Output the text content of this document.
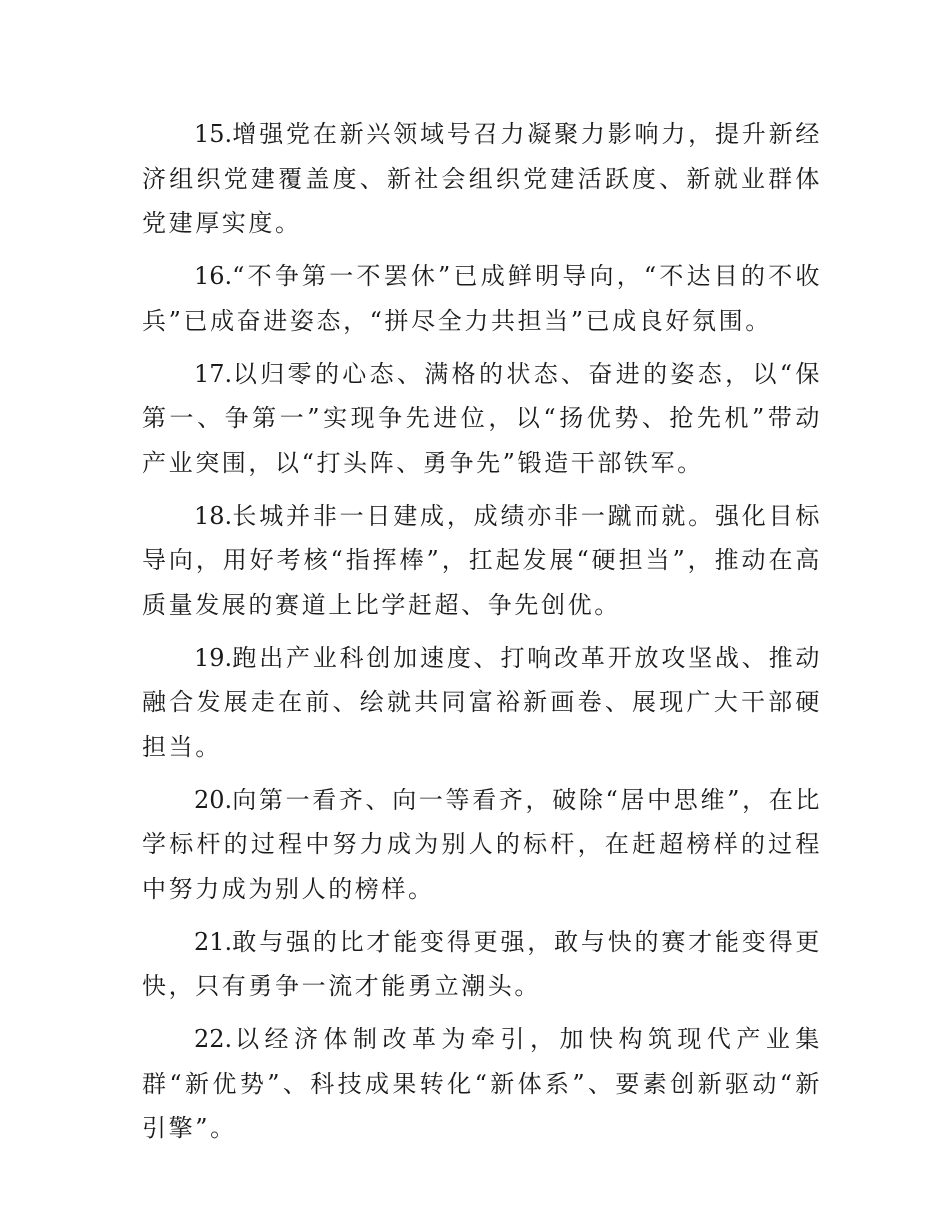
15.增强党在新兴领域号召力凝聚力影响力，提升新经济组织党建覆盖度、新社会组织党建活跃度、新就业群体党建厚实度。

16.“不争第一不罢休”已成鲜明导向，“不达目的不收兵”已成奋进姿态，“拼尽全力共担当”已成良好氛围。

17.以归零的心态、满格的状态、奋进的姿态，以“保第一、争第一”实现争先进位，以“扬优势、抢先机”带动产业突围，以“打头阵、勇争先”锻造干部铁军。

18.长城并非一日建成，成绩亦非一蹴而就。强化目标导向，用好考核“指挥棒”，扛起发展“硬担当”，推动在高质量发展的赛道上比学赶超、争先创优。

19.跑出产业科创加速度、打响改革开放攻坚战、推动融合发展走在前、绘就共同富裕新画卷、展现广大干部硬担当。

20.向第一看齐、向一等看齐，破除“居中思维”，在比学标杆的过程中努力成为别人的标杆，在赶超榜样的过程中努力成为别人的榜样。

21.敢与强的比才能变得更强，敢与快的赛才能变得更快，只有勇争一流才能勇立潮头。

22.以经济体制改革为牵引，加快构筑现代产业集群“新优势”、科技成果转化“新体系”、要素创新驱动“新引擎”。
